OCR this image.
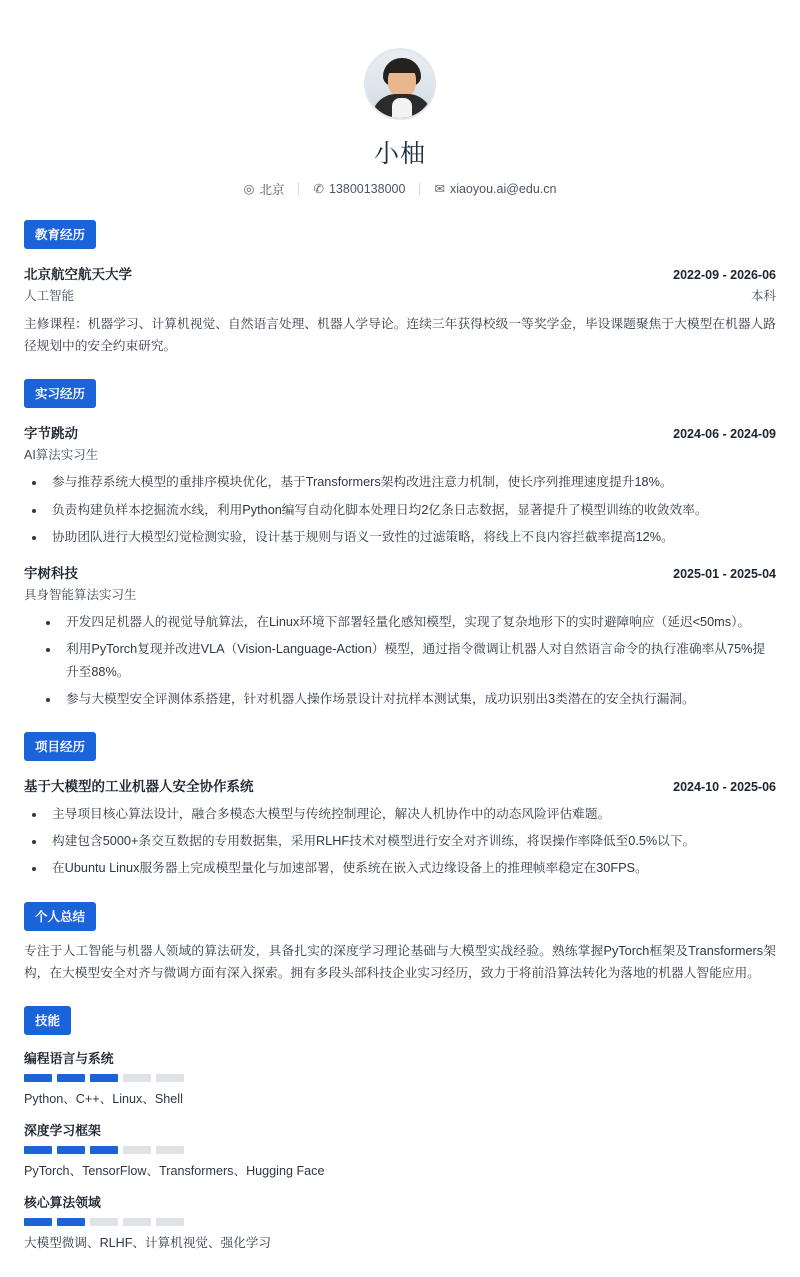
小柚
◎ 北京 ✆ 13800138000 ✉ xiaoyou.ai@edu.cn
教育经历
北京航空航天大学	2022-09 - 2026-06
人工智能	本科
主修课程：机器学习、计算机视觉、自然语言处理、机器人学导论。连续三年获得校级一等奖学金，毕设课题聚焦于大模型在机器人路径规划中的安全约束研究。
实习经历
字节跳动	2024-06 - 2024-09
AI算法实习生
• 参与推荐系统大模型的重排序模块优化，基于Transformers架构改进注意力机制，使长序列推理速度提升18%。
• 负责构建负样本挖掘流水线，利用Python编写自动化脚本处理日均2亿条日志数据，显著提升了模型训练的收敛效率。
• 协助团队进行大模型幻觉检测实验，设计基于规则与语义一致性的过滤策略，将线上不良内容拦截率提高12%。
宇树科技	2025-01 - 2025-04
具身智能算法实习生
• 开发四足机器人的视觉导航算法，在Linux环境下部署轻量化感知模型，实现了复杂地形下的实时避障响应（延迟<50ms）。
• 利用PyTorch复现并改进VLA（Vision-Language-Action）模型，通过指令微调让机器人对自然语言命令的执行准确率从75%提升至88%。
• 参与大模型安全评测体系搭建，针对机器人操作场景设计对抗样本测试集，成功识别出3类潜在的安全执行漏洞。
项目经历
基于大模型的工业机器人安全协作系统	2024-10 - 2025-06
• 主导项目核心算法设计，融合多模态大模型与传统控制理论，解决人机协作中的动态风险评估难题。
• 构建包含5000+条交互数据的专用数据集，采用RLHF技术对模型进行安全对齐训练，将误操作率降低至0.5%以下。
• 在Ubuntu Linux服务器上完成模型量化与加速部署，使系统在嵌入式边缘设备上的推理帧率稳定在30FPS。
个人总结
专注于人工智能与机器人领域的算法研发，具备扎实的深度学习理论基础与大模型实战经验。熟练掌握PyTorch框架及Transformers架构，在大模型安全对齐与微调方面有深入探索。拥有多段头部科技企业实习经历，致力于将前沿算法转化为落地的机器人智能应用。
技能
编程语言与系统
Python、C++、Linux、Shell
深度学习框架
PyTorch、TensorFlow、Transformers、Hugging Face
核心算法领域
大模型微调、RLHF、计算机视觉、强化学习
